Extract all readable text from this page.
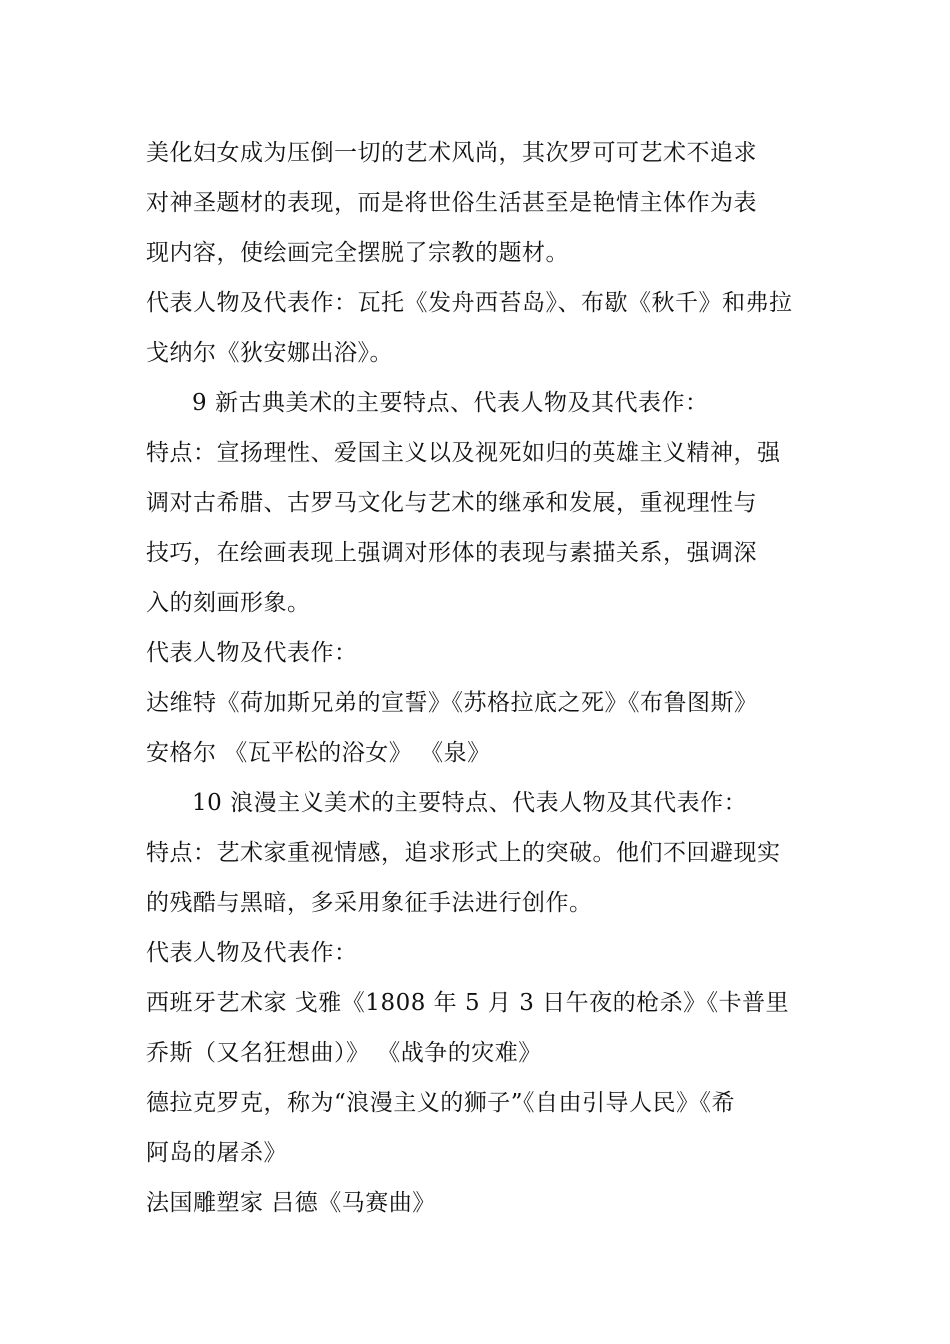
美化妇女成为压倒一切的艺术风尚，其次罗可可艺术不追求
对神圣题材的表现，而是将世俗生活甚至是艳情主体作为表
现内容，使绘画完全摆脱了宗教的题材。
代表人物及代表作：瓦托《发舟西苔岛》、布歇《秋千》和弗拉
戈纳尔《狄安娜出浴》。
9 新古典美术的主要特点、代表人物及其代表作：
特点：宣扬理性、爱国主义以及视死如归的英雄主义精神，强
调对古希腊、古罗马文化与艺术的继承和发展，重视理性与
技巧，在绘画表现上强调对形体的表现与素描关系，强调深
入的刻画形象。
代表人物及代表作：
达维特《荷加斯兄弟的宣誓》《苏格拉底之死》《布鲁图斯》
安格尔 《瓦平松的浴女》 《泉》
10 浪漫主义美术的主要特点、代表人物及其代表作：
特点：艺术家重视情感，追求形式上的突破。他们不回避现实
的残酷与黑暗，多采用象征手法进行创作。
代表人物及代表作：
西班牙艺术家 戈雅《1808 年 5 月 3 日午夜的枪杀》《卡普里
乔斯（又名狂想曲）》 《战争的灾难》
德拉克罗克，称为“浪漫主义的狮子”《自由引导人民》《希
阿岛的屠杀》
法国雕塑家 吕德《马赛曲》
